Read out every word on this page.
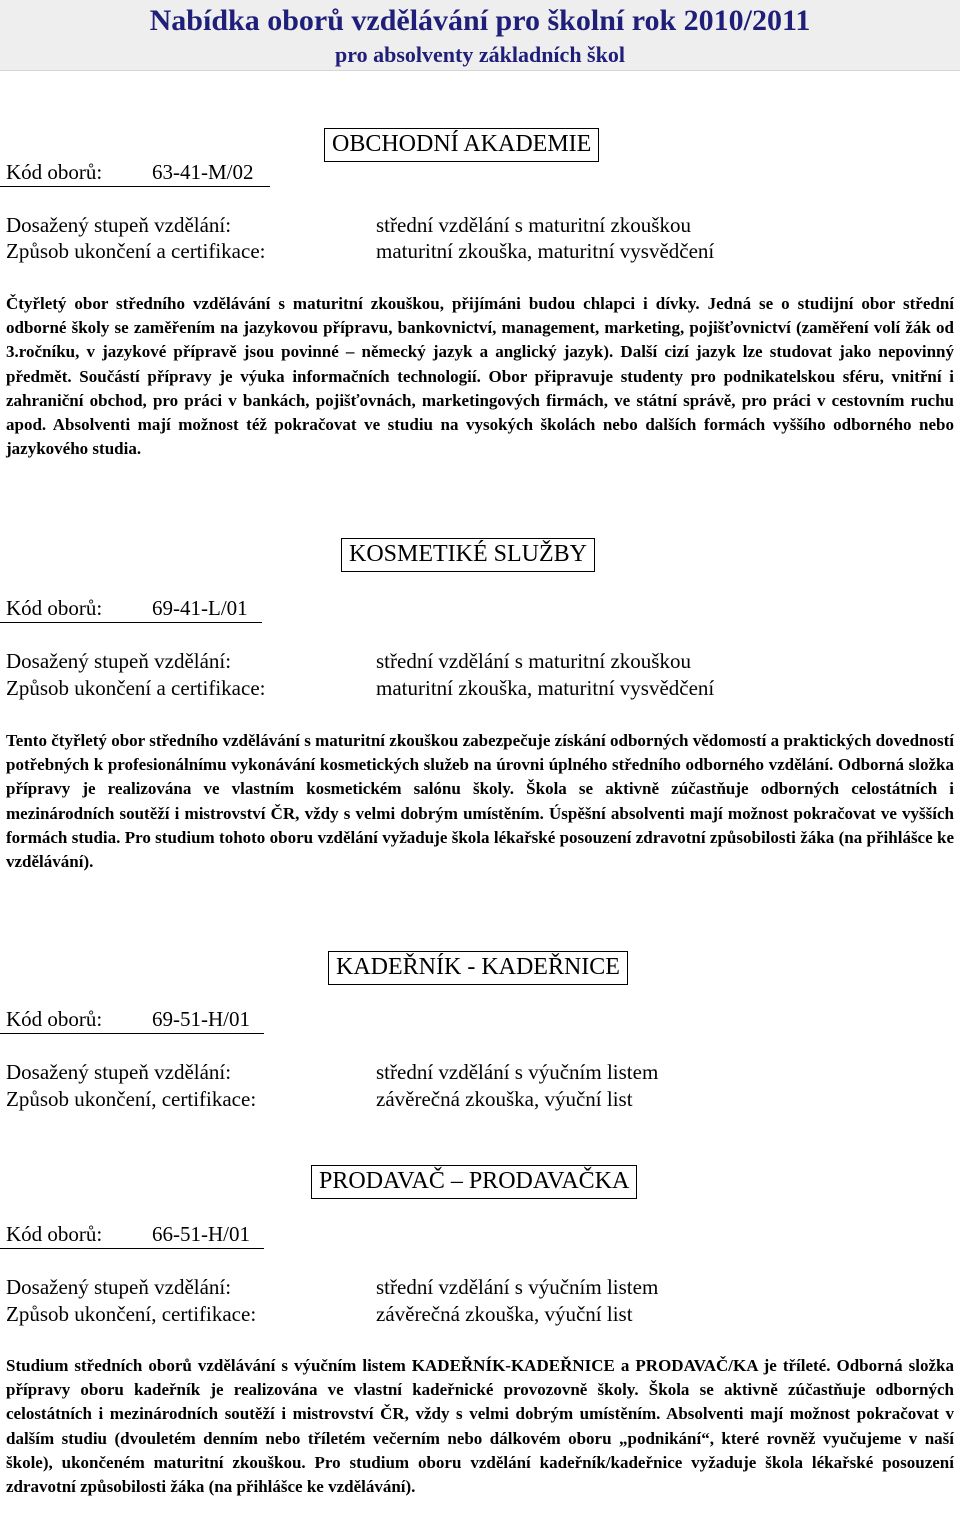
Nabídka oborů vzdělávání pro školní rok 2010/2011
pro absolventy základních škol
OBCHODNÍ AKADEMIE
Kód oborů: 63-41-M/02
Dosažený stupeň vzdělání:	střední vzdělání s maturitní zkouškou
Způsob ukončení a certifikace:	maturitní zkouška, maturitní vysvědčení

Čtyřletý obor středního vzdělávání s maturitní zkouškou, přijímáni budou chlapci i dívky. Jedná se o studijní obor střední odborné školy se zaměřením na jazykovou přípravu, bankovnictví, management, marketing, pojišťovnictví (zaměření volí žák od 3.ročníku, v jazykové přípravě jsou povinné – německý jazyk a anglický jazyk). Další cizí jazyk lze studovat jako nepovinný předmět. Součástí přípravy je výuka informačních technologií. Obor připravuje studenty pro podnikatelskou sféru, vnitřní i zahraniční obchod, pro práci v bankách, pojišťovnách, marketingových firmách, ve státní správě, pro práci v cestovním ruchu apod. Absolventi mají možnost též pokračovat ve studiu na vysokých školách nebo dalších formách vyššího odborného nebo jazykového studia.

KOSMETIKÉ SLUŽBY
Kód oborů: 69-41-L/01
Dosažený stupeň vzdělání:	střední vzdělání s maturitní zkouškou
Způsob ukončení a certifikace:	maturitní zkouška, maturitní vysvědčení

Tento čtyřletý obor středního vzdělávání s maturitní zkouškou zabezpečuje získání odborných vědomostí a praktických dovedností potřebných k profesionálnímu vykonávání kosmetických služeb na úrovni úplného středního odborného vzdělání. Odborná složka přípravy je realizována ve vlastním kosmetickém salónu školy. Škola se aktivně zúčastňuje odborných celostátních i mezinárodních soutěží i mistrovství ČR, vždy s velmi dobrým umístěním. Úspěšní absolventi mají možnost pokračovat ve vyšších formách studia. Pro studium tohoto oboru vzdělání vyžaduje škola lékařské posouzení zdravotní způsobilosti žáka (na přihlášce ke vzdělávání).

KADEŘNÍK - KADEŘNICE
Kód oborů: 69-51-H/01
Dosažený stupeň vzdělání:	střední vzdělání s výučním listem
Způsob ukončení, certifikace:	závěrečná zkouška, výuční list
PRODAVAČ – PRODAVAČKA
Kód oborů: 66-51-H/01
Dosažený stupeň vzdělání:	střední vzdělání s výučním listem
Způsob ukončení, certifikace:	závěrečná zkouška, výuční list

Studium středních oborů vzdělávání s výučním listem KADEŘNÍK-KADEŘNICE a PRODAVAČ/KA je tříleté. Odborná složka přípravy oboru kadeřník je realizována ve vlastní kadeřnické provozovně školy. Škola se aktivně zúčastňuje odborných celostátních i mezinárodních soutěží i mistrovství ČR, vždy s velmi dobrým umístěním. Absolventi mají možnost pokračovat v dalším studiu (dvouletém denním nebo tříletém večerním nebo dálkovém oboru „podnikání“, které rovněž vyučujeme v naší škole), ukončeném maturitní zkouškou. Pro studium oboru vzdělání kadeřník/kadeřnice vyžaduje škola lékařské posouzení zdravotní způsobilosti žáka (na přihlášce ke vzdělávání).
